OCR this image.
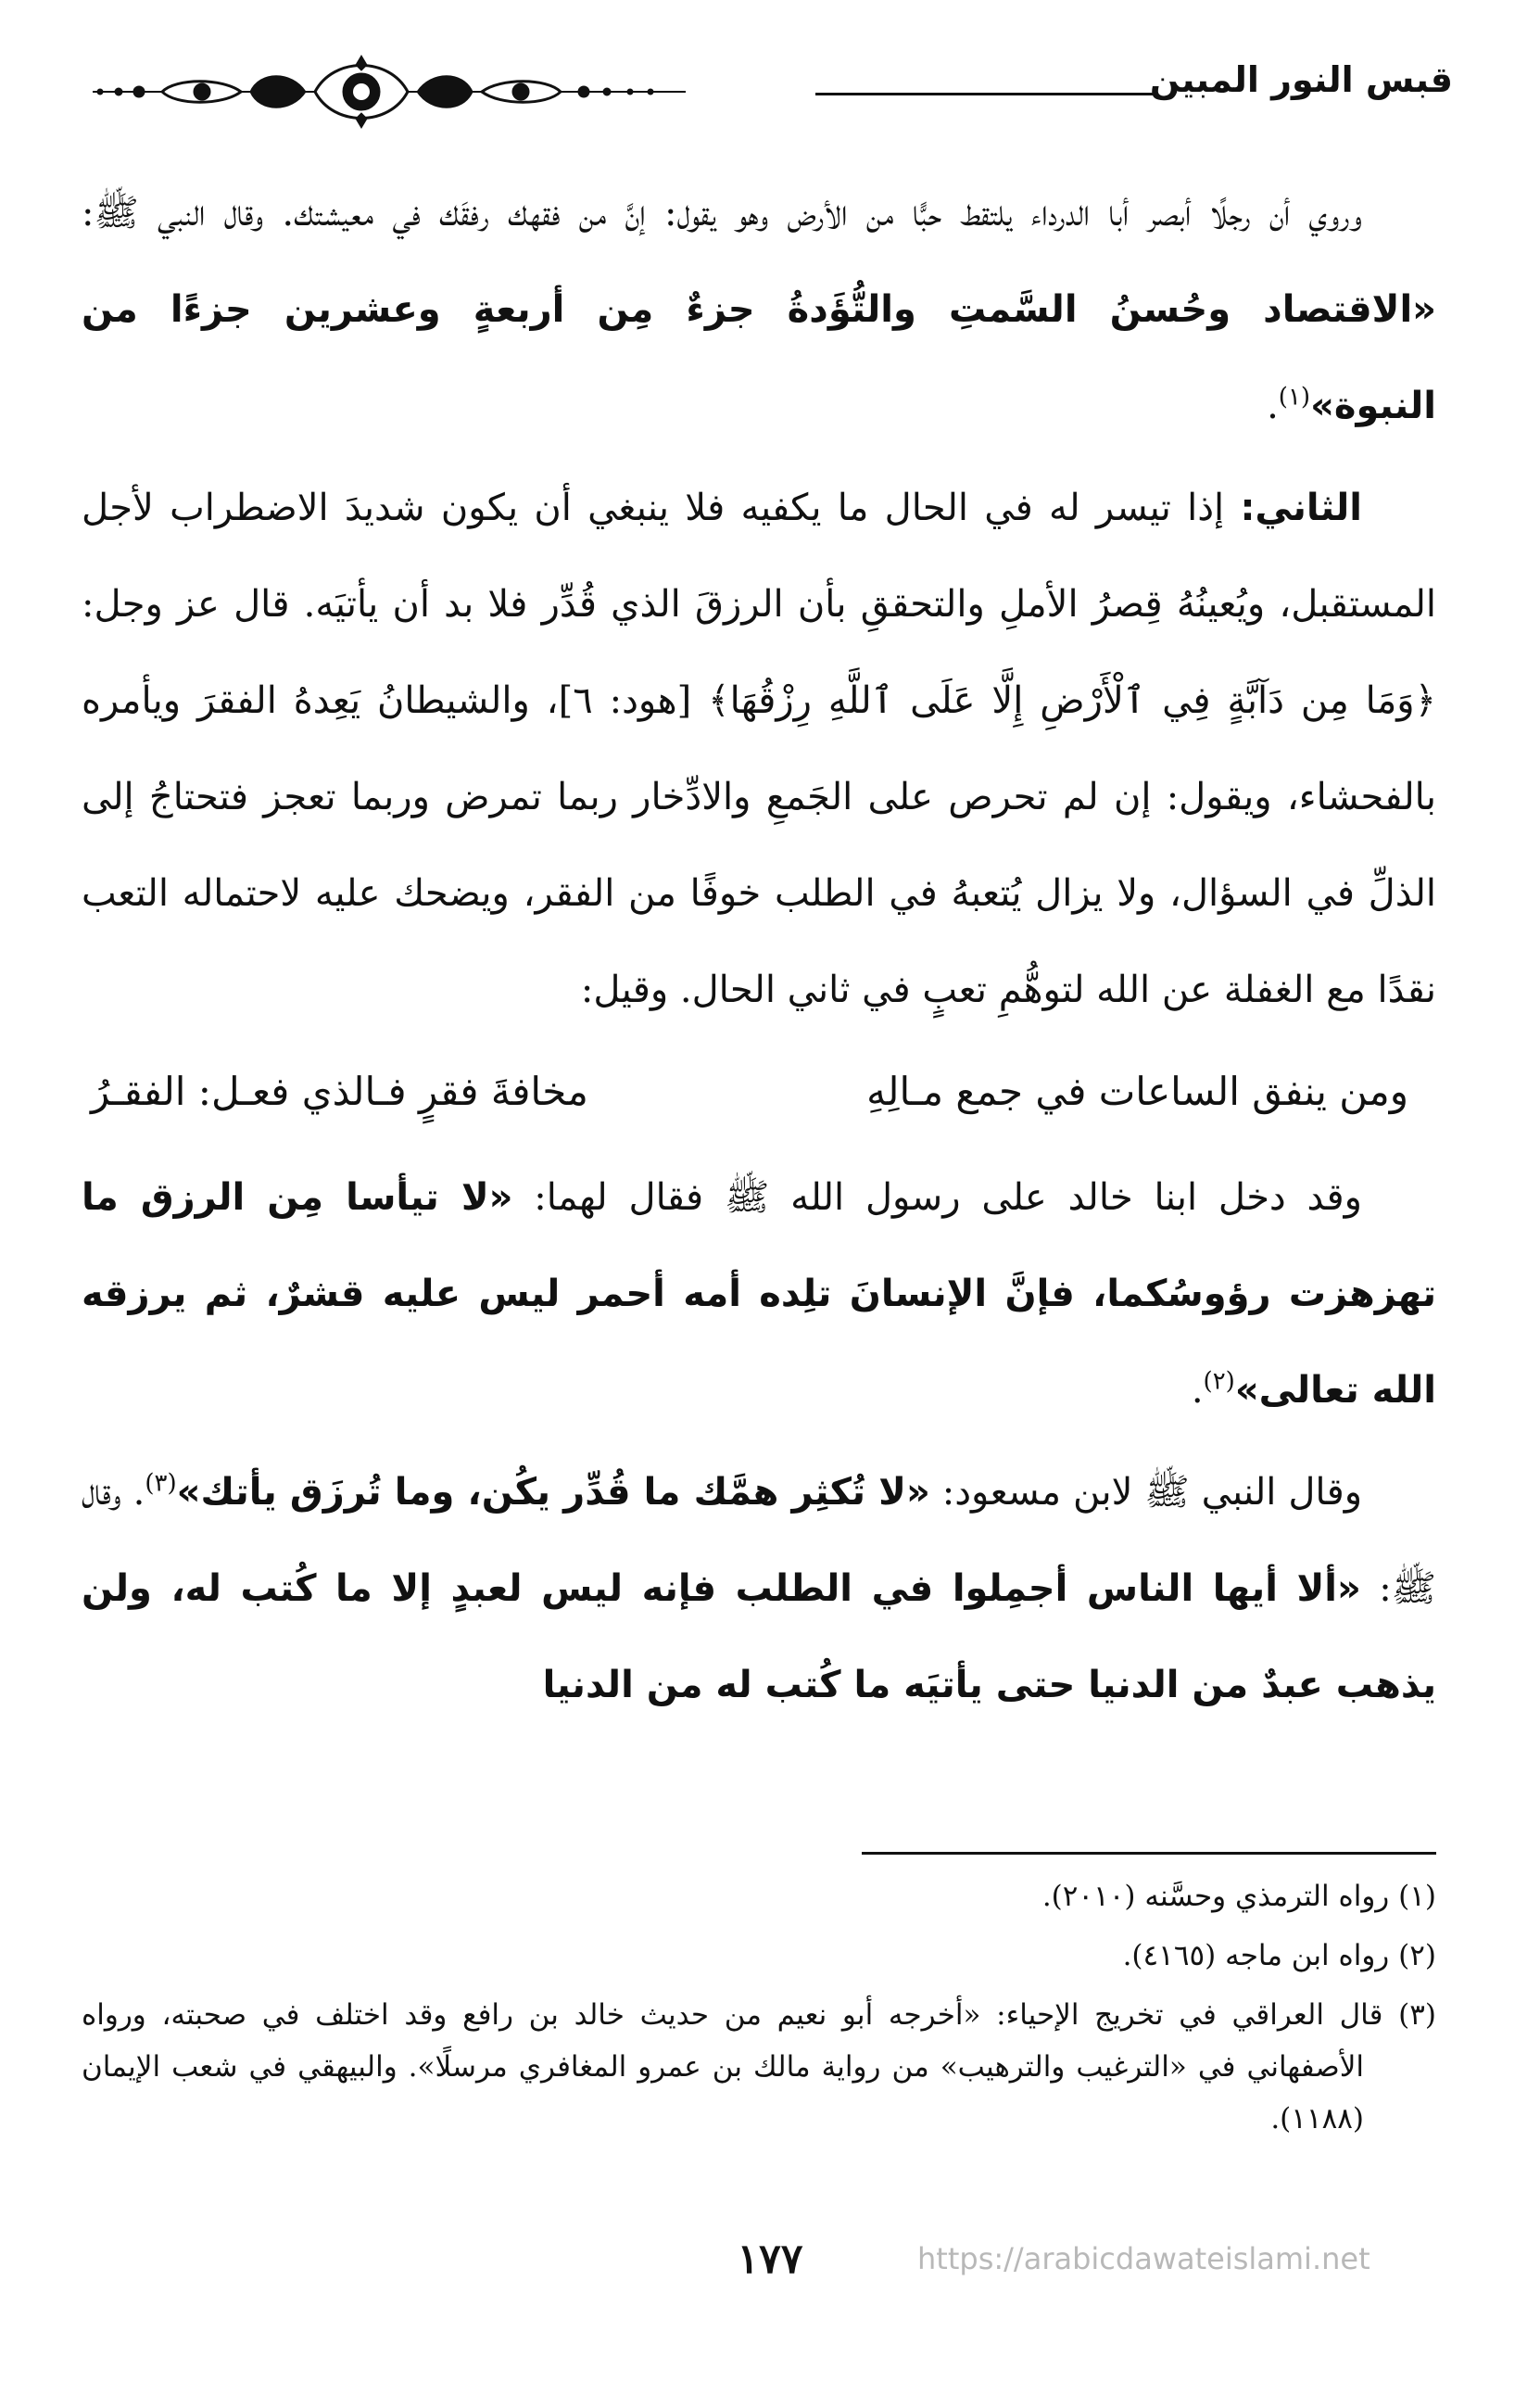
قبس النور المبين

وروي أن رجلًا أبصر أبا الدرداء يلتقط حبًّا من الأرض وهو يقول: إنَّ من فقهك رفقَك في معيشتك. وقال النبي ﷺ: «الاقتصاد وحُسنُ السَّمتِ والتُّؤَدةُ جزءٌ مِن أربعةٍ وعشرين جزءًا من النبوة»$^{(١)}$.

الثاني: إذا تيسر له في الحال ما يكفيه فلا ينبغي أن يكون شديدَ الاضطراب لأجل المستقبل، ويُعينُهُ قِصرُ الأملِ والتحققِ بأن الرزقَ الذي قُدِّر فلا بد أن يأتيَه. قال عز وجل: ﴿وَمَا مِن دَآبَّةٍ فِي ٱلْأَرْضِ إِلَّا عَلَى ٱللَّهِ رِزْقُهَا﴾ [هود: ٦]، والشيطانُ يَعِدهُ الفقرَ ويأمره بالفحشاء، ويقول: إن لم تحرص على الجَمعِ والادِّخار ربما تمرض وربما تعجز فتحتاجُ إلى الذلِّ في السؤال، ولا يزال يُتعبهُ في الطلب خوفًا من الفقر، ويضحك عليه لاحتماله التعب نقدًا مع الغفلة عن الله لتوهُّمِ تعبٍ في ثاني الحال. وقيل:

ومن ينفق الساعات في جمع مـالِهِ
مخافةَ فقرٍ فـالذي فعـل: الفقـرُ

وقد دخل ابنا خالد على رسول الله ﷺ فقال لهما: «لا تيأسا مِن الرزق ما تهزهزت رؤوسُكما، فإنَّ الإنسانَ تلِده أمه أحمر ليس عليه قشرٌ، ثم يرزقه الله تعالى»$^{(٢)}$.

وقال النبي ﷺ لابن مسعود: «لا تُكثِر همَّك ما قُدِّر يكُن، وما تُرزَق يأتك»$^{(٣)}$. وقال ﷺ: «ألا أيها الناس أجمِلوا في الطلب فإنه ليس لعبدٍ إلا ما كُتب له، ولن يذهب عبدٌ من الدنيا حتى يأتيَه ما كُتب له من الدنيا

(١) رواه الترمذي وحسَّنه (٢٠١٠).

(٢) رواه ابن ماجه (٤١٦٥).

(٣) قال العراقي في تخريج الإحياء: «أخرجه أبو نعيم من حديث خالد بن رافع وقد اختلف في صحبته، ورواه الأصفهاني في «الترغيب والترهيب» من رواية مالك بن عمرو المغافري مرسلًا». والبيهقي في شعب الإيمان (١١٨٨).

١٧٧	https://arabicdawateislami.net
